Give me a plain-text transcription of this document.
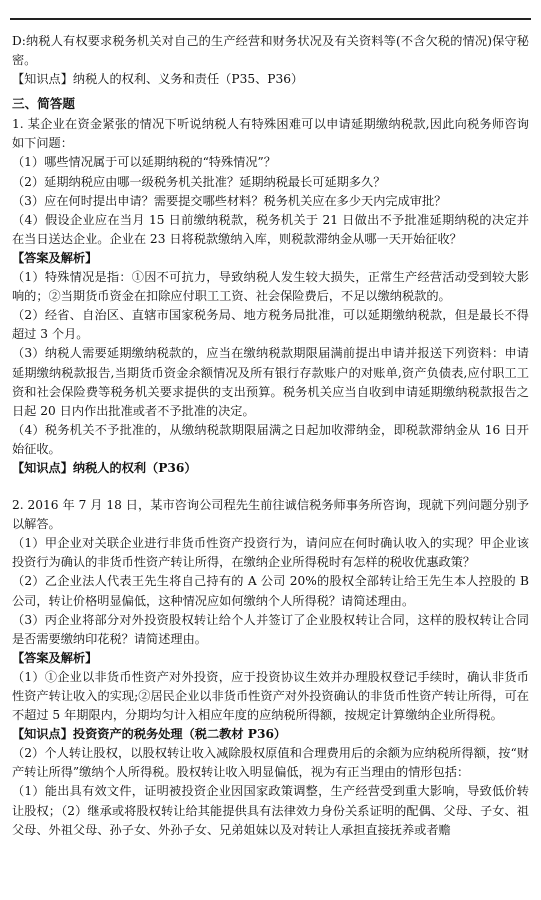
D:纳税人有权要求税务机关对自己的生产经营和财务状况及有关资料等(不含欠税的情况)保守秘密。

【知识点】纳税人的权利、义务和责任（P35、P36）

三、简答题

1. 某企业在资金紧张的情况下听说纳税人有特殊困难可以申请延期缴纳税款,因此向税务师咨询如下问题：

（1）哪些情况属于可以延期纳税的“特殊情况”？

（2）延期纳税应由哪一级税务机关批准？延期纳税最长可延期多久？

（3）应在何时提出申请？需要提交哪些材料？税务机关应在多少天内完成审批？

（4）假设企业应在当月 15 日前缴纳税款，税务机关于 21 日做出不予批准延期纳税的决定并在当日送达企业。企业在 23 日将税款缴纳入库，则税款滞纳金从哪一天开始征收？

【答案及解析】

（1）特殊情况是指：①因不可抗力，导致纳税人发生较大损失，正常生产经营活动受到较大影响的；②当期货币资金在扣除应付职工工资、社会保险费后，不足以缴纳税款的。

（2）经省、自治区、直辖市国家税务局、地方税务局批准，可以延期缴纳税款，但是最长不得超过 3 个月。

（3）纳税人需要延期缴纳税款的，应当在缴纳税款期限届满前提出申请并报送下列资料：申请延期缴纳税款报告,当期货币资金余额情况及所有银行存款账户的对账单,资产负债表,应付职工工资和社会保险费等税务机关要求提供的支出预算。税务机关应当自收到申请延期缴纳税款报告之日起 20 日内作出批准或者不予批准的决定。

（4）税务机关不予批准的，从缴纳税款期限届满之日起加收滞纳金，即税款滞纳金从 16 日开始征收。

【知识点】纳税人的权利（P36）

2. 2016 年 7 月 18 日，某市咨询公司程先生前往诚信税务师事务所咨询，现就下列问题分别予以解答。

（1）甲企业对关联企业进行非货币性资产投资行为，请问应在何时确认收入的实现？甲企业该投资行为确认的非货币性资产转让所得，在缴纳企业所得税时有怎样的税收优惠政策？

（2）乙企业法人代表王先生将自己持有的 A 公司 20%的股权全部转让给王先生本人控股的 B 公司，转让价格明显偏低，这种情况应如何缴纳个人所得税？请简述理由。

（3）丙企业将部分对外投资股权转让给个人并签订了企业股权转让合同，这样的股权转让合同是否需要缴纳印花税？请简述理由。

【答案及解析】

（1）①企业以非货币性资产对外投资，应于投资协议生效并办理股权登记手续时，确认非货币性资产转让收入的实现;②居民企业以非货币性资产对外投资确认的非货币性资产转让所得，可在不超过 5 年期限内，分期均匀计入相应年度的应纳税所得额，按规定计算缴纳企业所得税。

【知识点】投资资产的税务处理（税二教材 P36）

（2）个人转让股权，以股权转让收入减除股权原值和合理费用后的余额为应纳税所得额，按“财产转让所得”缴纳个人所得税。股权转让收入明显偏低，视为有正当理由的情形包括：

（1）能出具有效文件，证明被投资企业因国家政策调整，生产经营受到重大影响，导致低价转让股权；（2）继承或将股权转让给其能提供具有法律效力身份关系证明的配偶、父母、子女、祖父母、外祖父母、孙子女、外孙子女、兄弟姐妹以及对转让人承担直接抚养或者赡
